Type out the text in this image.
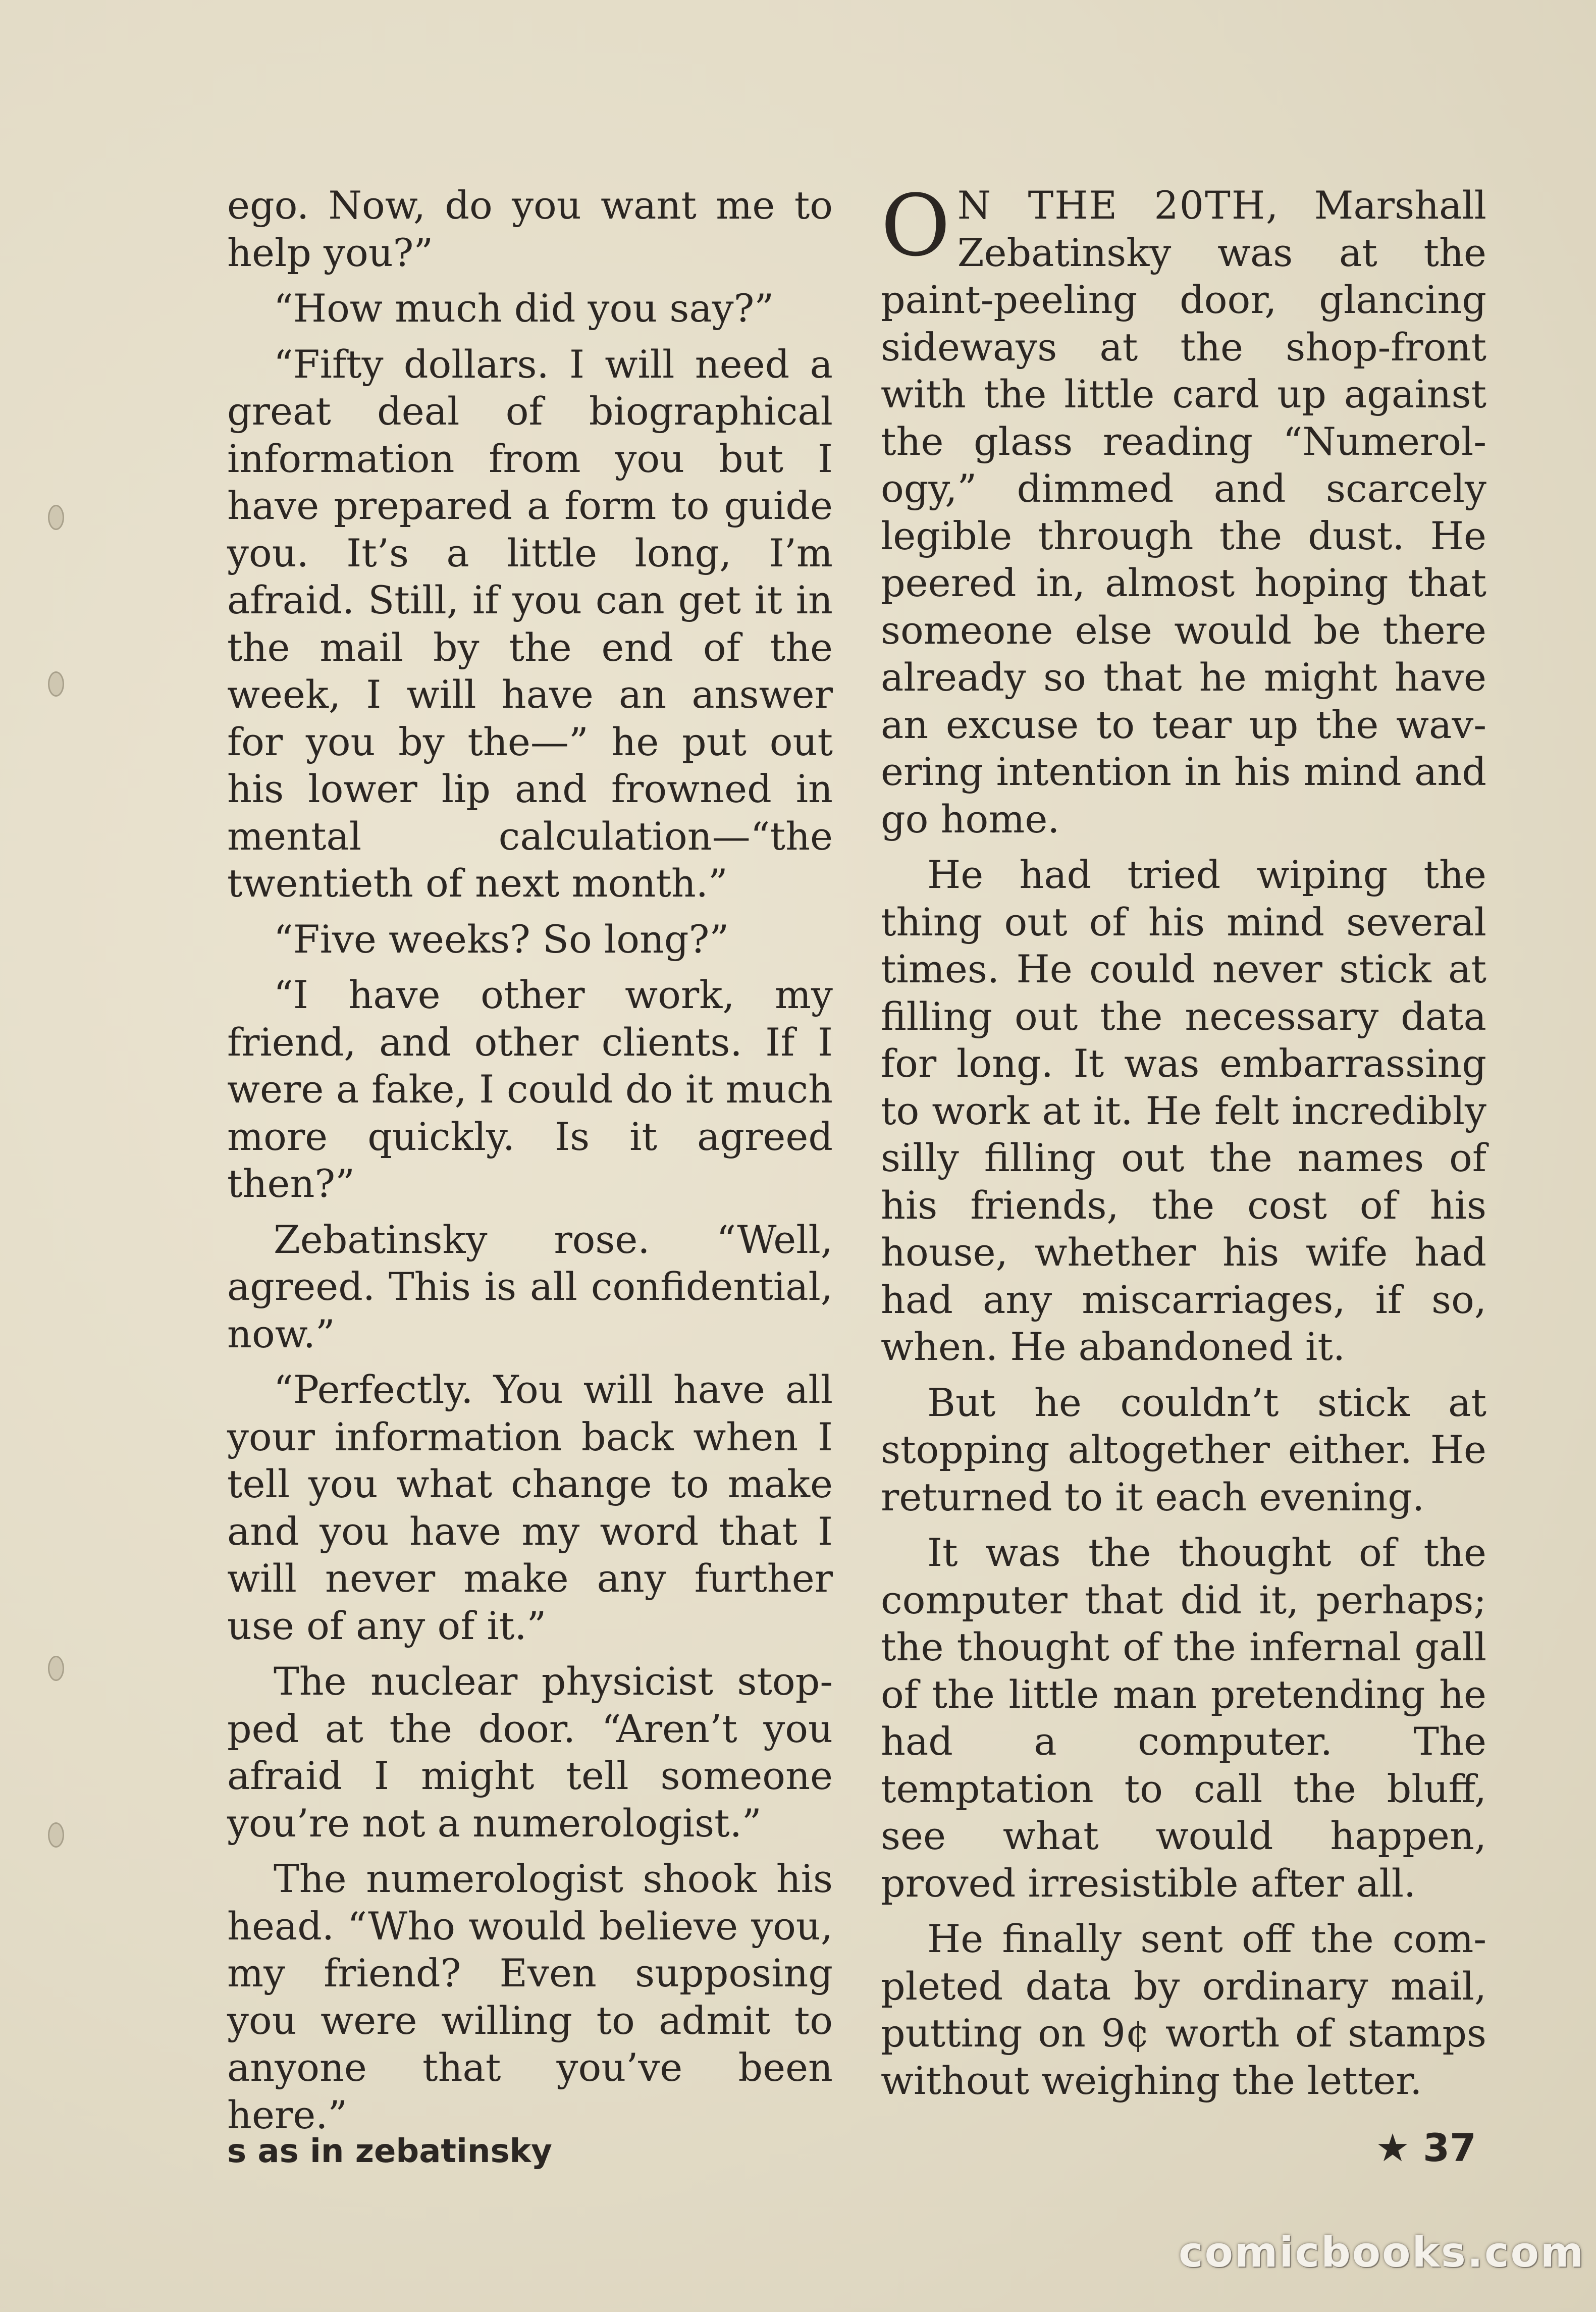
ego. Now, do you want me to help you?”

“How much did you say?”

“Fifty dollars. I will need a great deal of biographical information from you but I have prepared a form to guide you. It’s a little long, I’m afraid. Still, if you can get it in the mail by the end of the week, I will have an answer for you by the—” he put out his lower lip and frowned in mental calculation—“the twentieth of next month.”

“Five weeks? So long?”

“I have other work, my friend, and other clients. If I were a fake, I could do it much more quickly. Is it agreed then?”

Zebatinsky rose. “Well, agreed. This is all confidential, now.”

“Perfectly. You will have all your information back when I tell you what change to make and you have my word that I will never make any further use of any of it.”

The nuclear physicist stopped at the door. “Aren’t you afraid I might tell someone you’re not a numerologist.”

The numerologist shook his head. “Who would believe you, my friend? Even supposing you were willing to admit to anyone that you’ve been here.”

O N THE 20TH, Marshall Zebatinsky was at the paint-peeling door, glancing sideways at the shop-front with the little card up against the glass reading “Numerology,” dimmed and scarcely legible through the dust. He peered in, almost hoping that someone else would be there already so that he might have an excuse to tear up the wavering intention in his mind and go home.

He had tried wiping the thing out of his mind several times. He could never stick at filling out the necessary data for long. It was embarrassing to work at it. He felt incredibly silly filling out the names of his friends, the cost of his house, whether his wife had had any miscarriages, if so, when. He abandoned it.

But he couldn’t stick at stopping altogether either. He returned to it each evening.

It was the thought of the computer that did it, perhaps; the thought of the infernal gall of the little man pretending he had a computer. The temptation to call the bluff, see what would happen, proved irresistible after all.

He finally sent off the completed data by ordinary mail, putting on 9¢ worth of stamps without weighing the letter.

s as in zebatinsky	★ 37
comicbooks.com
